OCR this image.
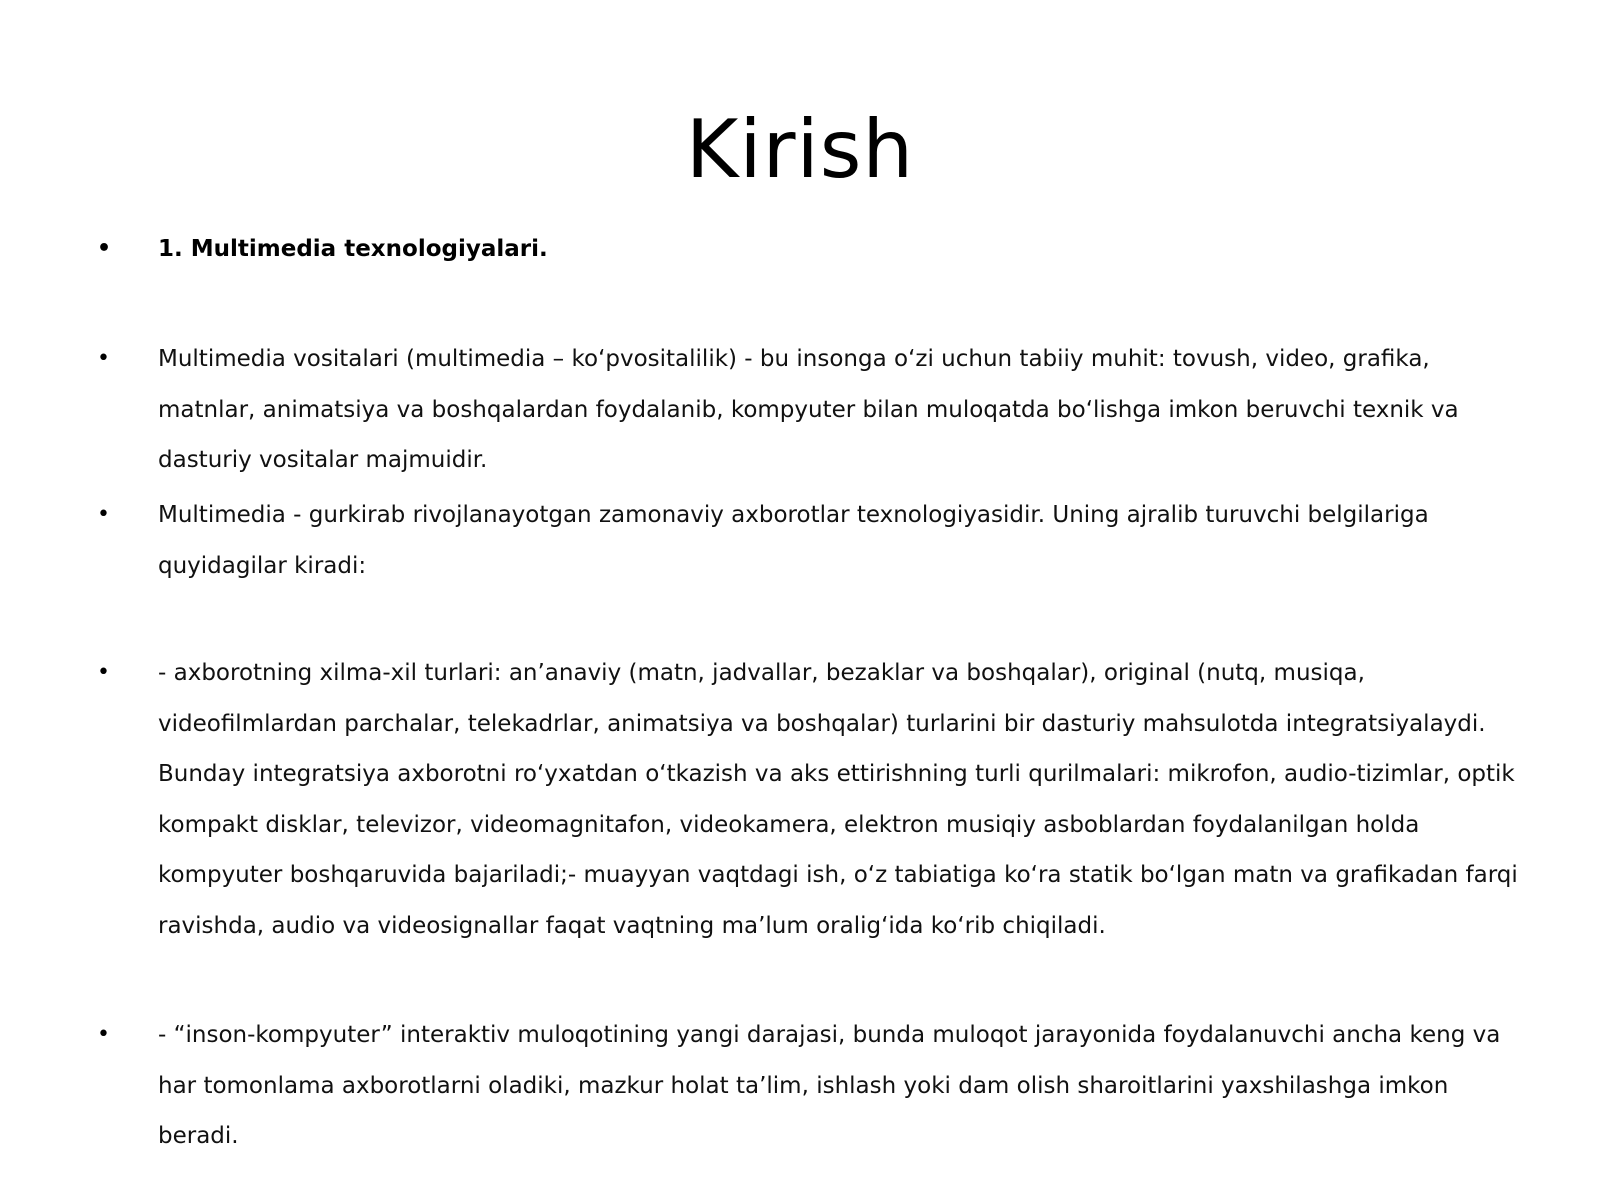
Kirish
• 1. Multimedia texnologiyalari.
• Multimedia vositalari (multimedia – ko‘pvositalilik) - bu insonga o‘zi uchun tabiiy muhit: tovush, video, grafika, matnlar, animatsiya va boshqalardan foydalanib, kompyuter bilan muloqatda bo‘lishga imkon beruvchi texnik va dasturiy vositalar majmuidir.
• Multimedia - gurkirab rivojlanayotgan zamonaviy axborotlar texnologiyasidir. Uning ajralib turuvchi belgilariga quyidagilar kiradi:
• - axborotning xilma-xil turlari: an’anaviy (matn, jadvallar, bezaklar va boshqalar), original (nutq, musiqa, videofilmlardan parchalar, telekadrlar, animatsiya va boshqalar) turlarini bir dasturiy mahsulotda integratsiyalaydi. Bunday integratsiya axborotni ro‘yxatdan o‘tkazish va aks ettirishning turli qurilmalari: mikrofon, audio-tizimlar, optik kompakt disklar, televizor, videomagnitafon, videokamera, elektron musiqiy asboblardan foydalanilgan holda kompyuter boshqaruvida bajariladi;- muayyan vaqtdagi ish, o‘z tabiatiga ko‘ra statik bo‘lgan matn va grafikadan farqi ravishda, audio va videosignallar faqat vaqtning ma’lum oralig‘ida ko‘rib chiqiladi.
• - “inson-kompyuter” interaktiv muloqotining yangi darajasi, bunda muloqot jarayonida foydalanuvchi ancha keng va har tomonlama axborotlarni oladiki, mazkur holat ta’lim, ishlash yoki dam olish sharoitlarini yaxshilashga imkon beradi.
